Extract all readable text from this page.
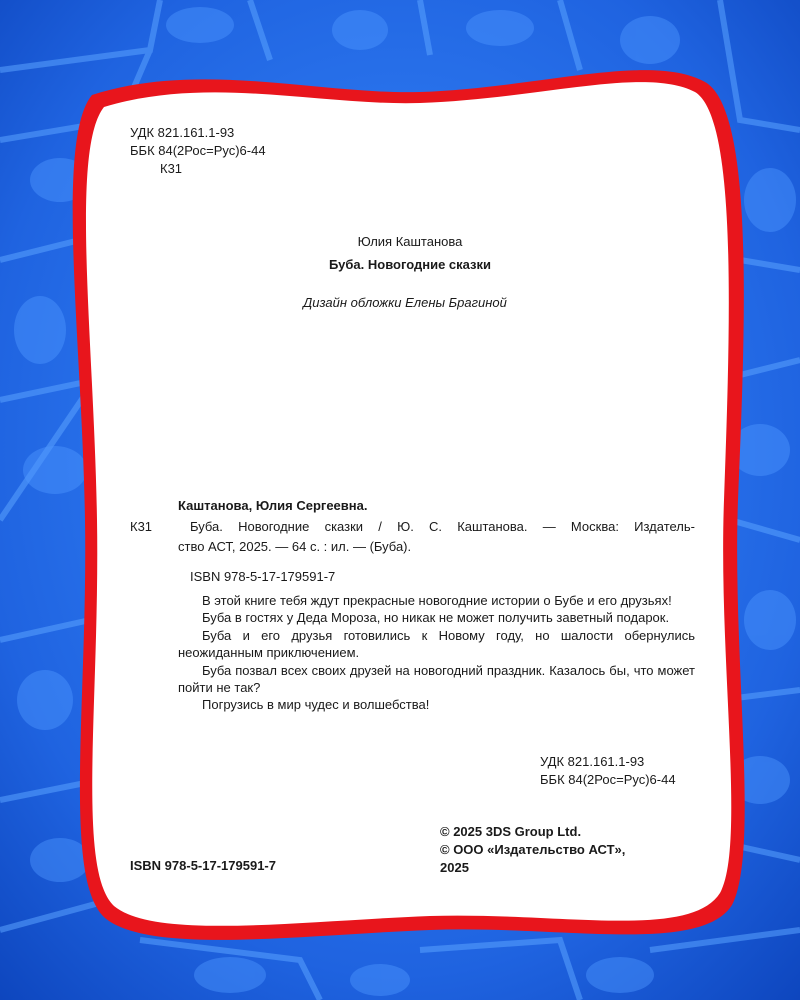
УДК 821.161.1-93
ББК 84(2Рос=Рус)6-44
К31
Юлия Каштанова
Буба. Новогодние сказки
Дизайн обложки Елены Брагиной
Каштанова, Юлия Сергеевна.
К31	Буба. Новогодние сказки / Ю. С. Каштанова. — Москва: Издатель-
ство АСТ, 2025. — 64 с. : ил. — (Буба).
ISBN 978-5-17-179591-7

В этой книге тебя ждут прекрасные новогодние истории о Бубе и его друзьях!

Буба в гостях у Деда Мороза, но никак не может получить заветный подарок.

Буба и его друзья готовились к Новому году, но шалости обернулись неожиданным приключением.

Буба позвал всех своих друзей на новогодний праздник. Казалось бы, что может пойти не так?

Погрузись в мир чудес и волшебства!

УДК 821.161.1-93
ББК 84(2Рос=Рус)6-44
© 2025 3DS Group Ltd.
© ООО «Издательство АСТ»,
2025
ISBN 978-5-17-179591-7
